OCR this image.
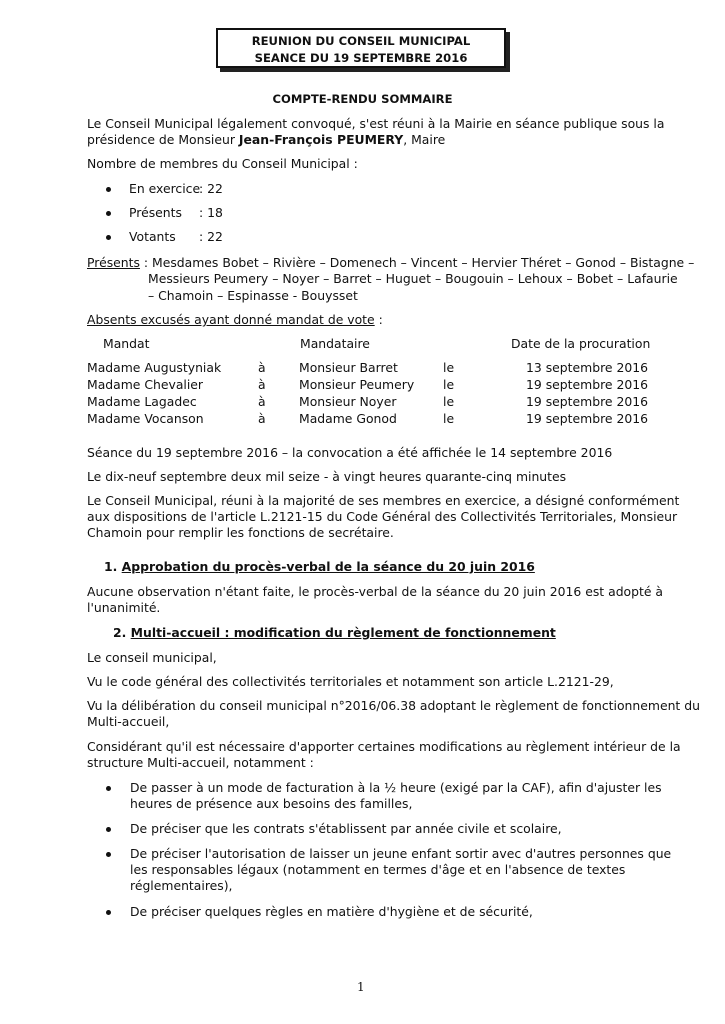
REUNION DU CONSEIL MUNICIPAL
SEANCE DU 19 SEPTEMBRE 2016
COMPTE-RENDU SOMMAIRE
Le Conseil Municipal légalement convoqué, s'est réuni à la Mairie en séance publique sous la
présidence de Monsieur Jean-François PEUMERY, Maire
Nombre de membres du Conseil Municipal :
En exercice
: 22
Présents : 18
Votants : 22
Présents : Mesdames Bobet – Rivière – Domenech – Vincent – Hervier Théret – Gonod – Bistagne –
Messieurs Peumery – Noyer – Barret – Huguet – Bougouin – Lehoux – Bobet – Lafaurie
– Chamoin – Espinasse - Bouysset
Absents excusés ayant donné mandat de vote :
Mandat	Mandataire	Date de la procuration
Madame Augustyniak	à	Monsieur Barret	le	13 septembre 2016
Madame Chevalier	à	Monsieur Peumery le	19 septembre 2016
Madame Lagadec	à	Monsieur Noyer	le	19 septembre 2016
Madame Vocanson	à	Madame Gonod	le	19 septembre 2016
Séance du 19 septembre 2016 – la convocation a été affichée le 14 septembre 2016
Le dix-neuf septembre deux mil seize - à vingt heures quarante-cinq minutes
Le Conseil Municipal, réuni à la majorité de ses membres en exercice, a désigné conformément
aux dispositions de l'article L.2121-15 du Code Général des Collectivités Territoriales, Monsieur
Chamoin pour remplir les fonctions de secrétaire.
1. Approbation du procès-verbal de la séance du 20 juin 2016
Aucune observation n'étant faite, le procès-verbal de la séance du 20 juin 2016 est adopté à
l'unanimité.
2. Multi-accueil : modification du règlement de fonctionnement
Le conseil municipal,
Vu le code général des collectivités territoriales et notamment son article L.2121-29,
Vu la délibération du conseil municipal n°2016/06.38 adoptant le règlement de fonctionnement du
Multi-accueil,
Considérant qu'il est nécessaire d'apporter certaines modifications au règlement intérieur de la
structure Multi-accueil, notamment :
De passer à un mode de facturation à la ½ heure (exigé par la CAF), afin d'ajuster les
heures de présence aux besoins des familles,
De préciser que les contrats s'établissent par année civile et scolaire,
De préciser l'autorisation de laisser un jeune enfant sortir avec d'autres personnes que
les responsables légaux (notamment en termes d'âge et en l'absence de textes
réglementaires),
De préciser quelques règles en matière d'hygiène et de sécurité,
1
